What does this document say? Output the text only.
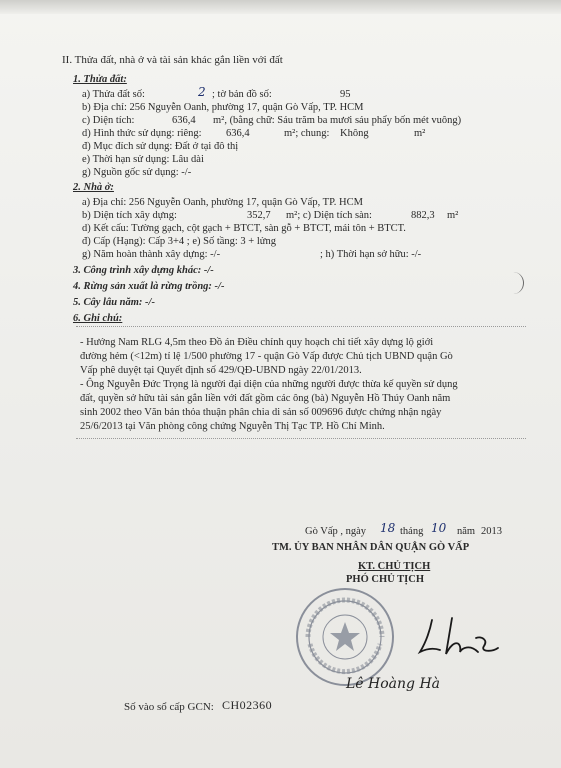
II. Thửa đất, nhà ở và tài sản khác gắn liền với đất
1. Thửa đất:
a) Thửa đất số:	2 ; tờ bản đồ số:	95
b) Địa chỉ: 256 Nguyễn Oanh, phường 17, quận Gò Vấp, TP. HCM
c) Diện tích:	636,4 m², (bằng chữ: Sáu trăm ba mươi sáu phẩy bốn mét vuông)
d) Hình thức sử dụng: riêng: 636,4	m²; chung: Không	m²
đ) Mục đích sử dụng: Đất ở tại đô thị
e) Thời hạn sử dụng: Lâu dài
g) Nguồn gốc sử dụng: -/-
2. Nhà ở:
a) Địa chỉ: 256 Nguyễn Oanh, phường 17, quận Gò Vấp, TP. HCM
b) Diện tích xây dựng:	352,7 m²; c) Diện tích sàn:	882,3 m²
d) Kết cấu: Tường gạch, cột gạch + BTCT, sàn gỗ + BTCT, mái tôn + BTCT.
đ) Cấp (Hạng): Cấp 3+4 ; e) Số tầng: 3 + lửng
g) Năm hoàn thành xây dựng: -/-	; h) Thời hạn sở hữu: -/-
3. Công trình xây dựng khác: -/-
4. Rừng sản xuất là rừng trồng: -/-
5. Cây lâu năm: -/-
6. Ghi chú:
- Hướng Nam RLG 4,5m theo Đồ án Điều chỉnh quy hoạch chi tiết xây dựng lộ giới
đường hẻm (<12m) tỉ lệ 1/500 phường 17 - quận Gò Vấp được Chủ tịch UBND quận Gò
Vấp phê duyệt tại Quyết định số 429/QĐ-UBND ngày 22/01/2013.
- Ông Nguyễn Đức Trọng là người đại diện của những người được thừa kế quyền sử dụng
đất, quyền sở hữu tài sản gắn liền với đất gồm các ông (bà) Nguyễn Hồ Thúy Oanh năm
sinh 2002 theo Văn bản thỏa thuận phân chia di sản số 009696 được chứng nhận ngày
25/6/2013 tại Văn phòng công chứng Nguyễn Thị Tạc TP. Hồ Chí Minh.
Gò Vấp , ngày 18 tháng 10 năm 2013
TM. ỦY BAN NHÂN DÂN QUẬN GÒ VẤP
KT. CHỦ TỊCH
PHÓ CHỦ TỊCH
Lê Hoàng Hà
Số vào sổ cấp GCN: CH02360
